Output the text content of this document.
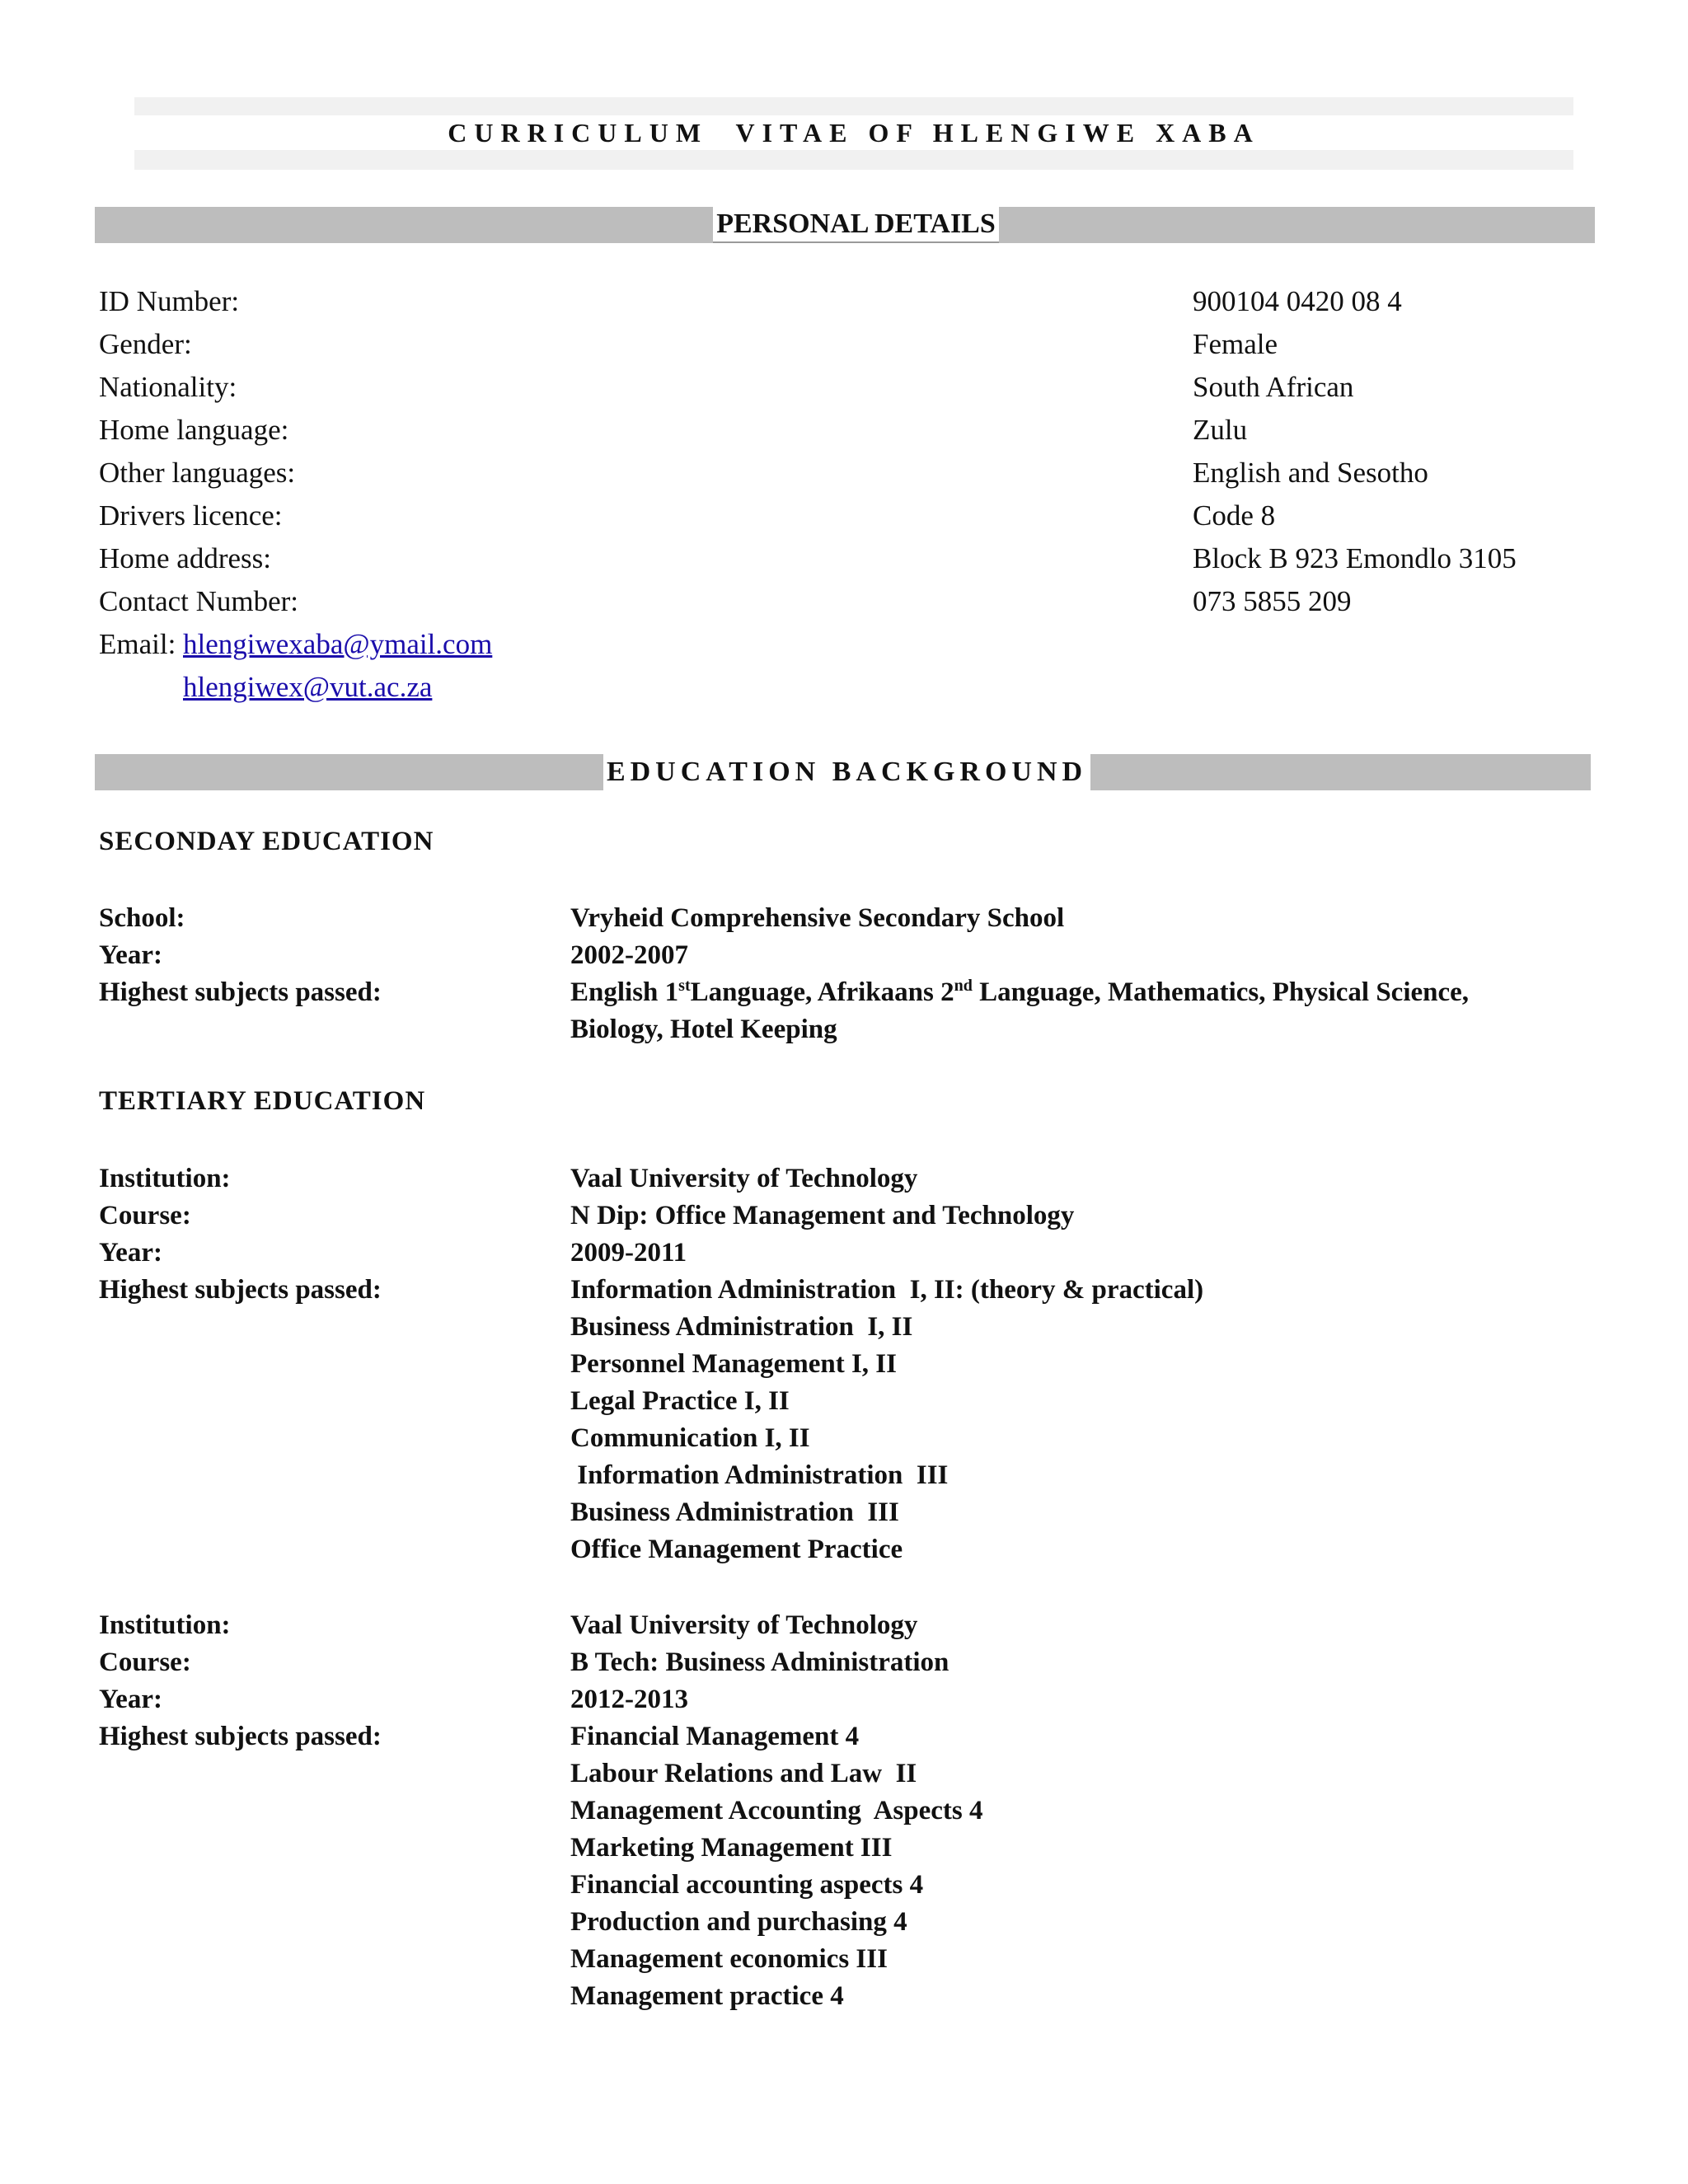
CURRICULUM  VITAE OF HLENGIWE XABA
PERSONAL DETAILS
ID Number:	900104 0420 08 4
Gender:	Female
Nationality:	South African
Home language:	Zulu
Other languages:	English and Sesotho
Drivers licence:	Code 8
Home address:	Block B 923 Emondlo 3105
Contact Number:	073 5855 209
Email: hlengiwexaba@ymail.com
hlengiwex@vut.ac.za
EDUCATION BACKGROUND
SECONDAY EDUCATION
School:	Vryheid Comprehensive Secondary School
Year:	2002-2007
Highest subjects passed:	English 1stLanguage, Afrikaans 2nd Language, Mathematics, Physical Science,
Biology, Hotel Keeping
TERTIARY EDUCATION
Institution:	Vaal University of Technology
Course:	N Dip: Office Management and Technology
Year:	2009-2011
Highest subjects passed:	Information Administration  I, II: (theory & practical)
Business Administration  I, II
Personnel Management I, II
Legal Practice I, II
Communication I, II
Information Administration  III
Business Administration  III
Office Management Practice
Institution:	Vaal University of Technology
Course:	B Tech: Business Administration
Year:	2012-2013
Highest subjects passed:	Financial Management 4
Labour Relations and Law  II
Management Accounting  Aspects 4
Marketing Management III
Financial accounting aspects 4
Production and purchasing 4
Management economics III
Management practice 4
